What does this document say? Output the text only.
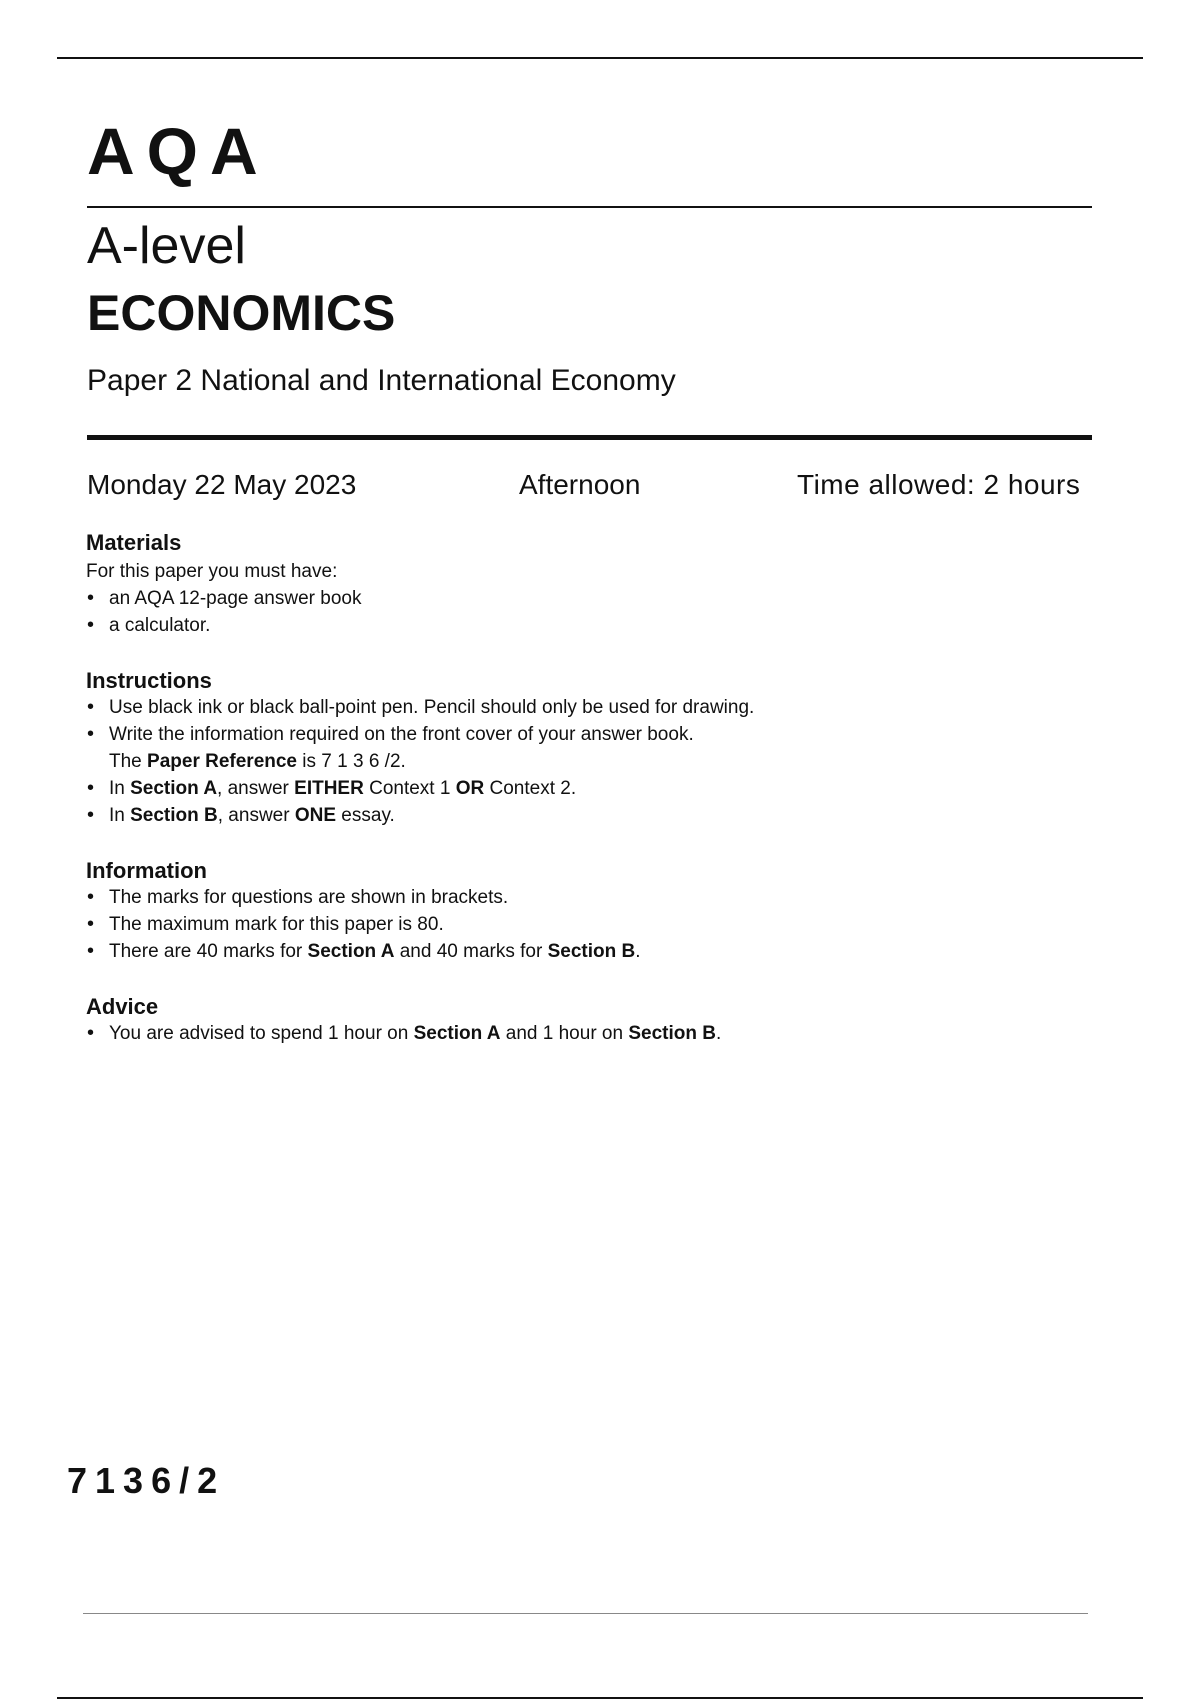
AQA
A-level
ECONOMICS
Paper 2 National and International Economy
Monday 22 May 2023	Afternoon	Time allowed: 2 hours
Materials

For this paper you must have:

• an AQA 12-page answer book
• a calculator.
Instructions
• Use black ink or black ball-point pen. Pencil should only be used for drawing.
• Write the information required on the front cover of your answer book.
The Paper Reference is 7 1 3 6 /2.
• In Section A, answer EITHER Context 1 OR Context 2.
• In Section B, answer ONE essay.
Information
• The marks for questions are shown in brackets.
• The maximum mark for this paper is 80.
• There are 40 marks for Section A and 40 marks for Section B.
Advice
• You are advised to spend 1 hour on Section A and 1 hour on Section B.
7136/2
